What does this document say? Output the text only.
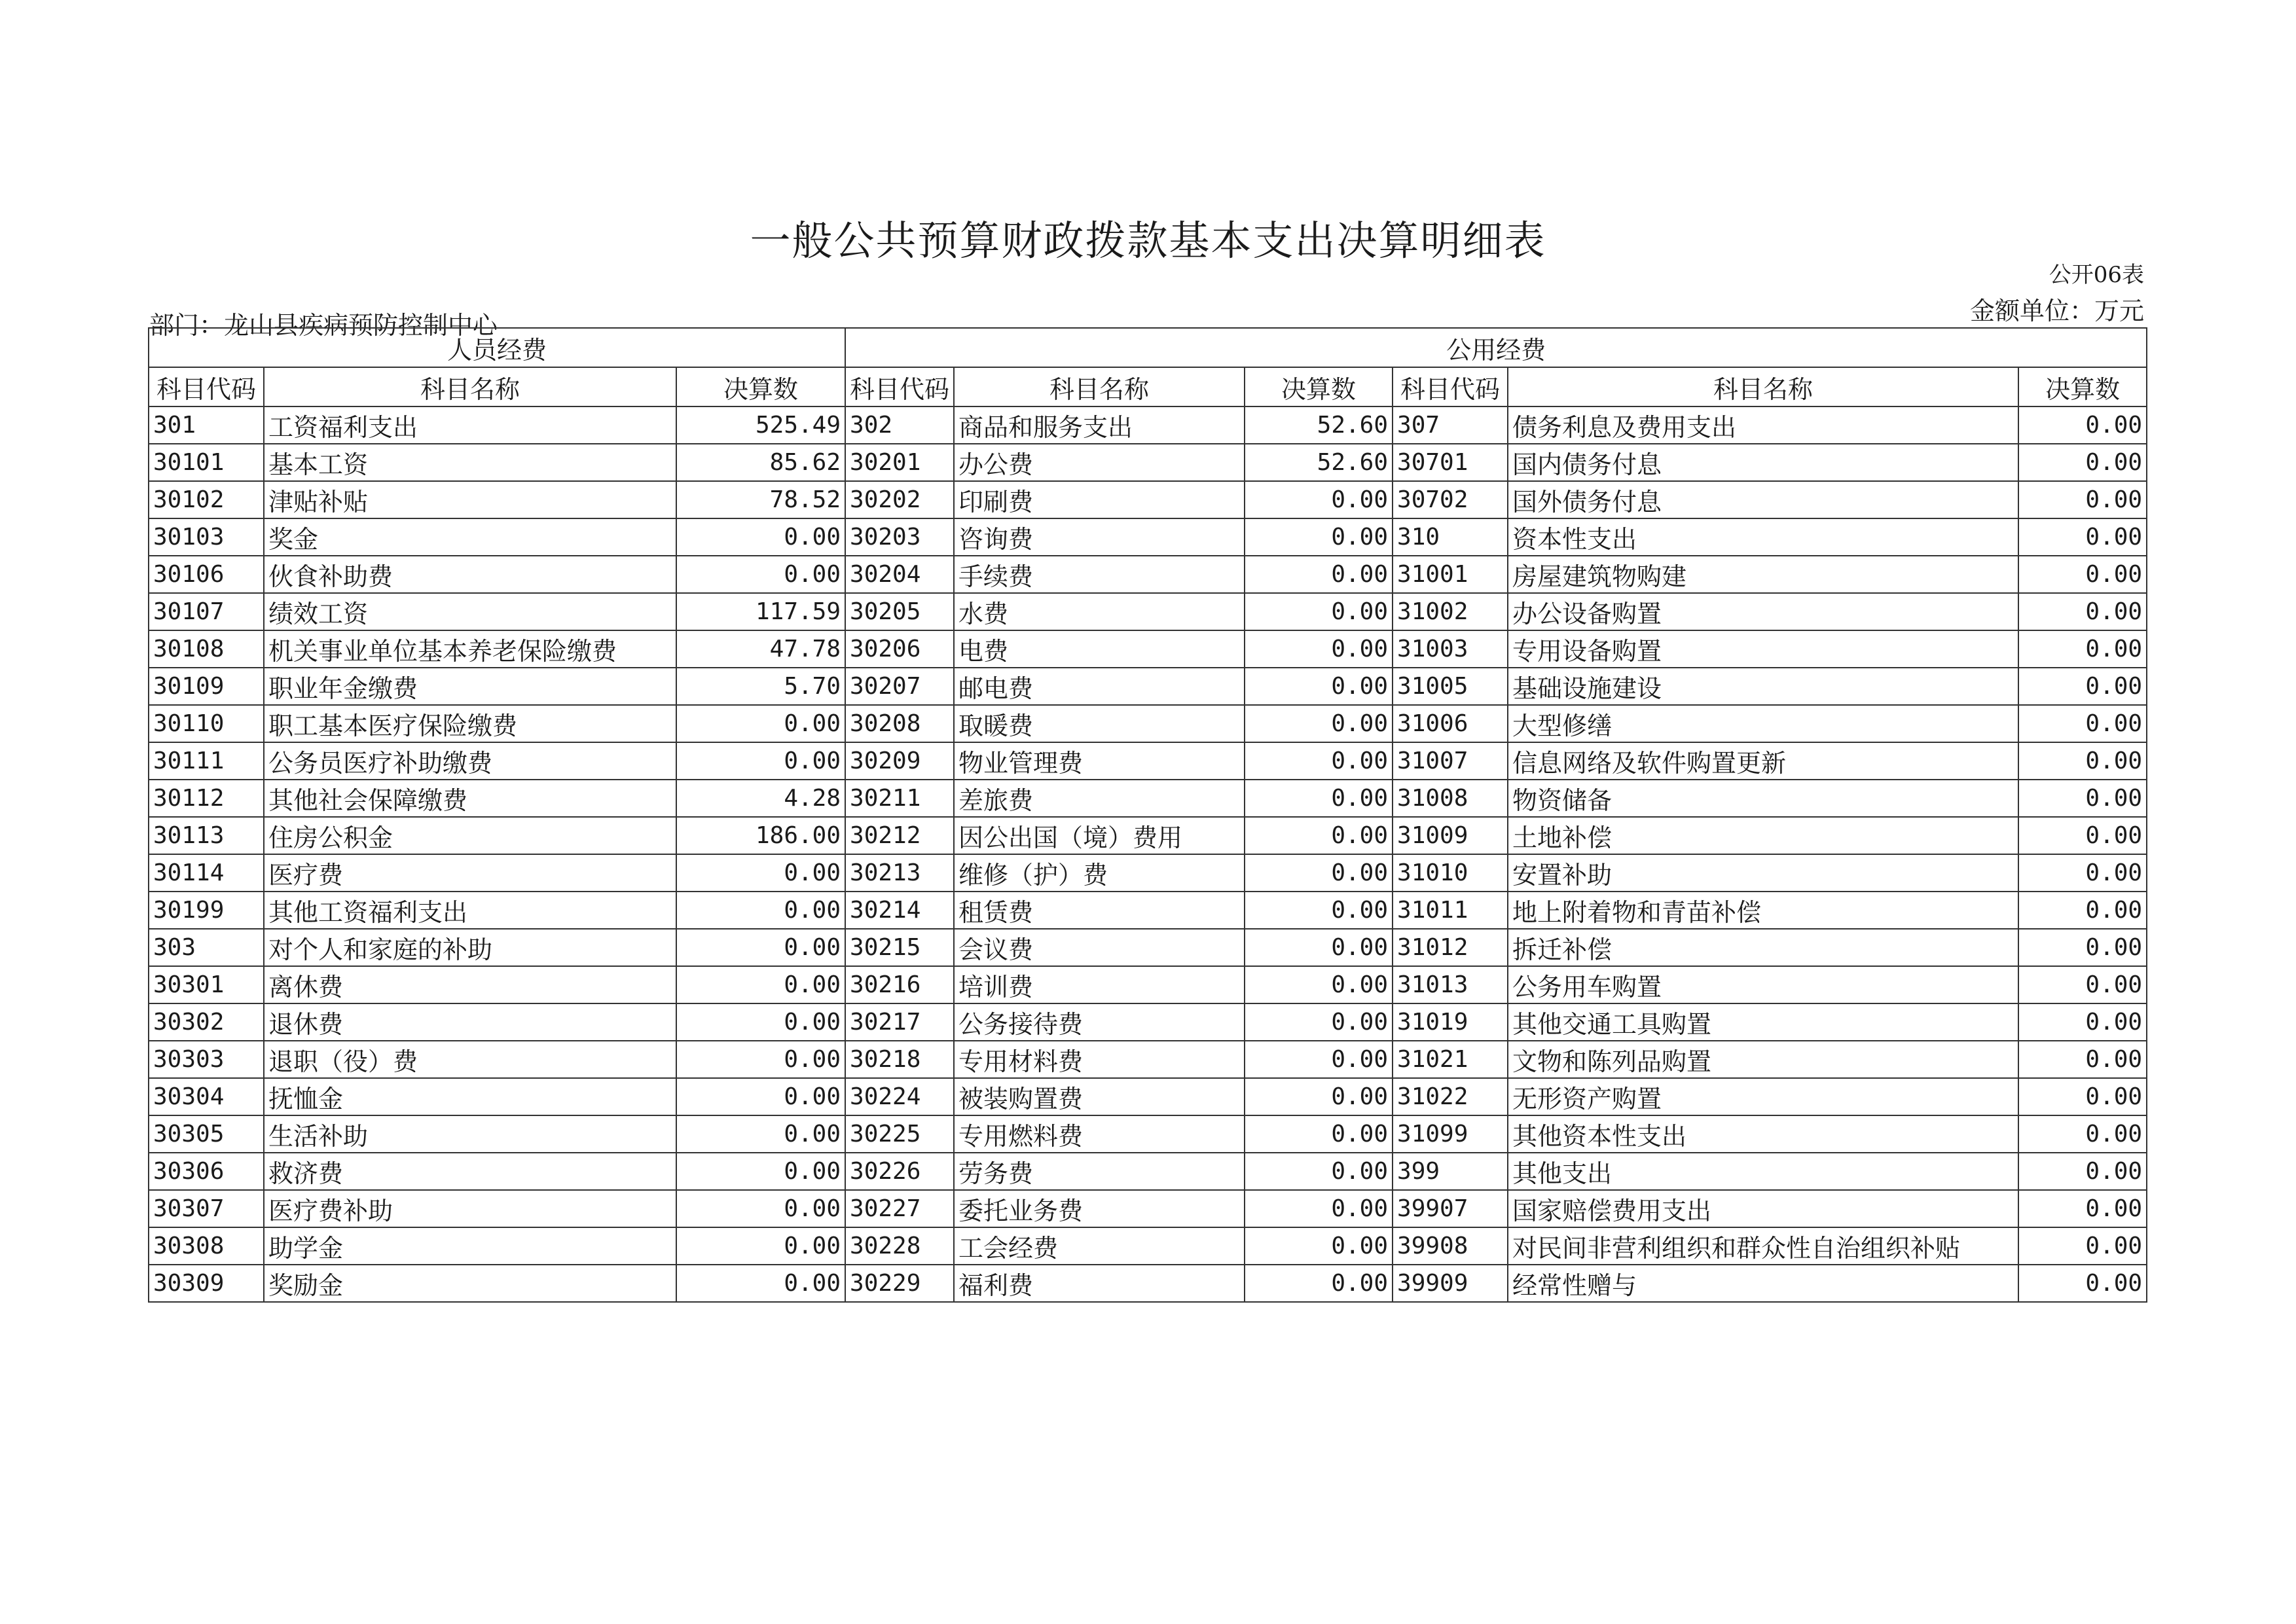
一般公共预算财政拨款基本支出决算明细表
公开06表
金额单位：万元
部门：龙山县疾病预防控制中心
人员经费			公用经费					
科目代码	科目名称	决算数	科目代码	科目名称	决算数	科目代码	科目名称	决算数
301	工资福利支出	525.49	302	商品和服务支出	52.60	307	债务利息及费用支出	0.00
30101	基本工资	85.62	30201	办公费	52.60	30701	国内债务付息	0.00
30102	津贴补贴	78.52	30202	印刷费	0.00	30702	国外债务付息	0.00
30103	奖金	0.00	30203	咨询费	0.00	310	资本性支出	0.00
30106	伙食补助费	0.00	30204	手续费	0.00	31001	房屋建筑物购建	0.00
30107	绩效工资	117.59	30205	水费	0.00	31002	办公设备购置	0.00
30108	机关事业单位基本养老保险缴费	47.78	30206	电费	0.00	31003	专用设备购置	0.00
30109	职业年金缴费	5.70	30207	邮电费	0.00	31005	基础设施建设	0.00
30110	职工基本医疗保险缴费	0.00	30208	取暖费	0.00	31006	大型修缮	0.00
30111	公务员医疗补助缴费	0.00	30209	物业管理费	0.00	31007	信息网络及软件购置更新	0.00
30112	其他社会保障缴费	4.28	30211	差旅费	0.00	31008	物资储备	0.00
30113	住房公积金	186.00	30212	因公出国（境）费用	0.00	31009	土地补偿	0.00
30114	医疗费	0.00	30213	维修（护）费	0.00	31010	安置补助	0.00
30199	其他工资福利支出	0.00	30214	租赁费	0.00	31011	地上附着物和青苗补偿	0.00
303	对个人和家庭的补助	0.00	30215	会议费	0.00	31012	拆迁补偿	0.00
30301	离休费	0.00	30216	培训费	0.00	31013	公务用车购置	0.00
30302	退休费	0.00	30217	公务接待费	0.00	31019	其他交通工具购置	0.00
30303	退职（役）费	0.00	30218	专用材料费	0.00	31021	文物和陈列品购置	0.00
30304	抚恤金	0.00	30224	被装购置费	0.00	31022	无形资产购置	0.00
30305	生活补助	0.00	30225	专用燃料费	0.00	31099	其他资本性支出	0.00
30306	救济费	0.00	30226	劳务费	0.00	399	其他支出	0.00
30307	医疗费补助	0.00	30227	委托业务费	0.00	39907	国家赔偿费用支出	0.00
30308	助学金	0.00	30228	工会经费	0.00	39908	对民间非营利组织和群众性自治组织补贴	0.00
30309	奖励金	0.00	30229	福利费	0.00	39909	经常性赠与	0.00
